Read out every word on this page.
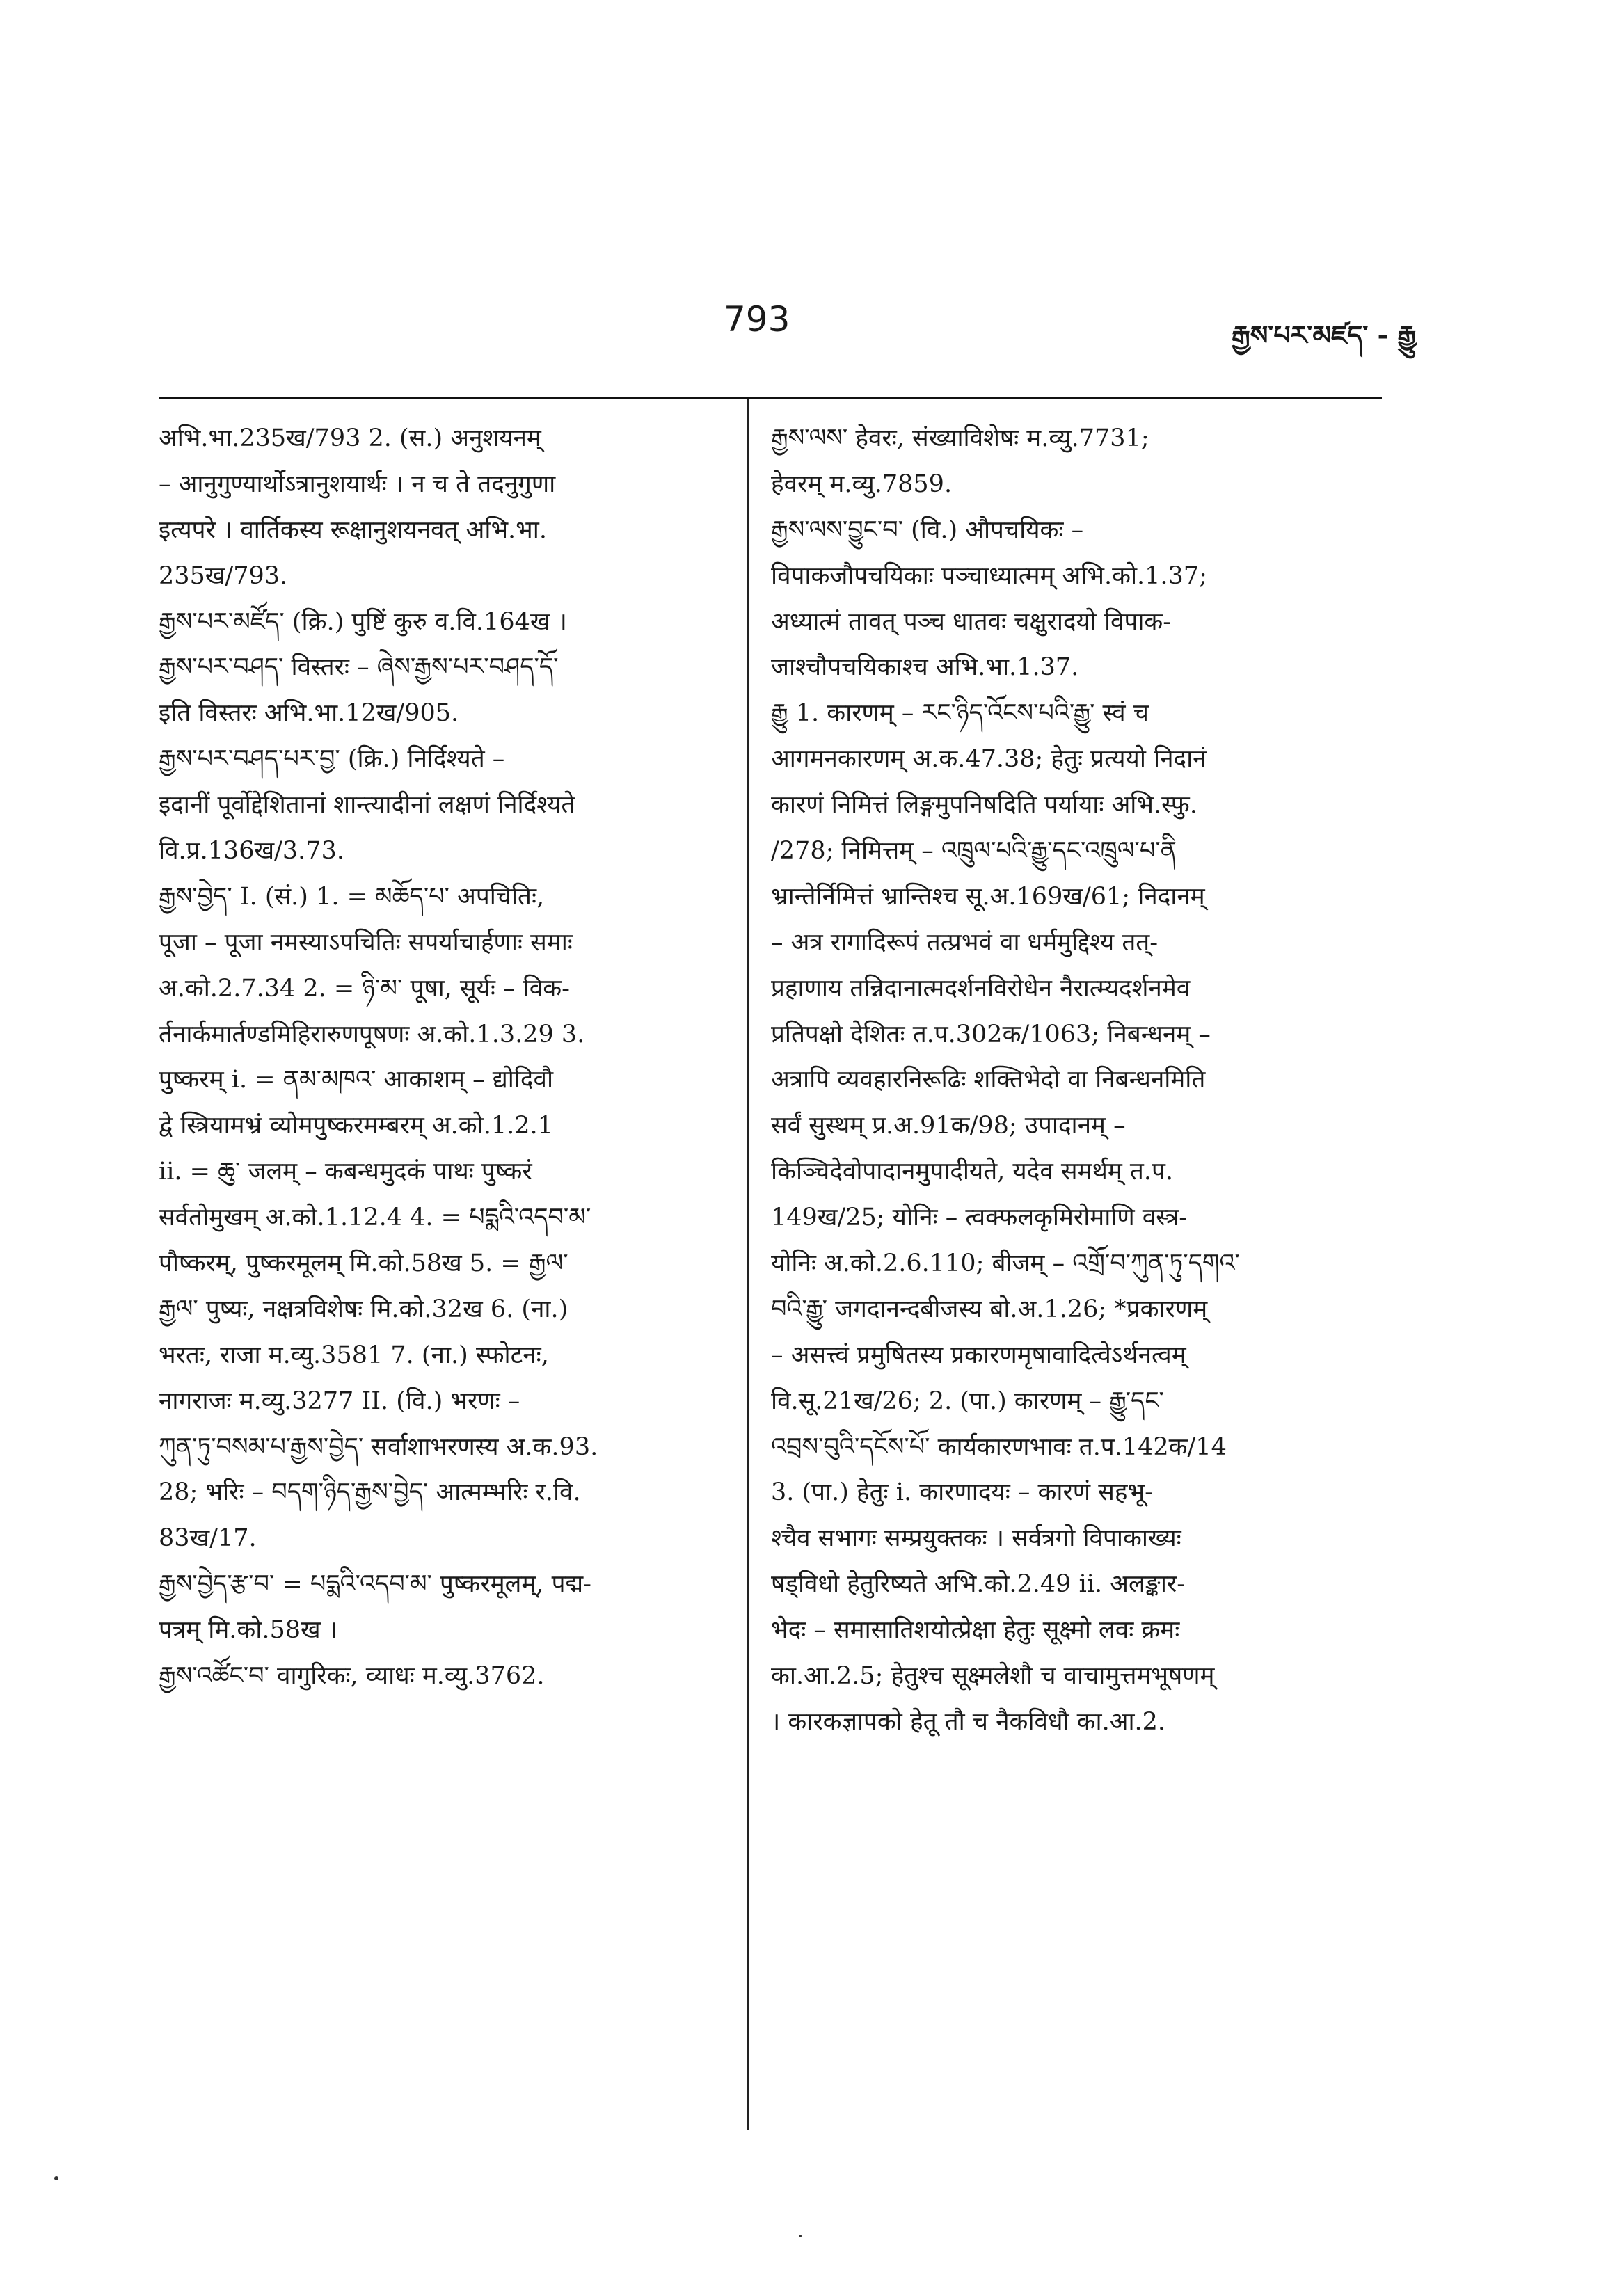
793	རྒྱས་པར་མཛད་ - རྒྱུ
अभि.भा.235ख/793 2. (स.) अनुशयनम्
– आनुगुण्यार्थोऽत्रानुशयार्थः । न च ते तदनुगुणा
इत्यपरे । वार्तिकस्य रूक्षानुशयनवत् अभि.भा.
235ख/793.
རྒྱས་པར་མཛོད་ (क्रि.) पुष्टिं कुरु व.वि.164ख ।
རྒྱས་པར་བཤད་ विस्तरः – ཞེས་རྒྱས་པར་བཤད་དོ་
इति विस्तरः अभि.भा.12ख/905.
རྒྱས་པར་བཤད་པར་བྱ་ (क्रि.) निर्दिश्यते –
इदानीं पूर्वोद्देशितानां शान्त्यादीनां लक्षणं निर्दिश्यते
वि.प्र.136ख/3.73.
རྒྱས་བྱེད་ I. (सं.) 1. = མཆོད་པ་ अपचितिः,
पूजा – पूजा नमस्याऽपचितिः सपर्याचार्हणाः समाः
अ.को.2.7.34 2. = ཉི་མ་ पूषा, सूर्यः – विक-
र्तनार्कमार्तण्डमिहिरारुणपूषणः अ.को.1.3.29 3.
पुष्करम् i. = ནམ་མཁའ་ आकाशम् – द्योदिवौ
द्वे स्त्रियामभ्रं व्योमपुष्करमम्बरम् अ.को.1.2.1
ii. = ཆུ་ जलम् – कबन्धमुदकं पाथः पुष्करं
सर्वतोमुखम् अ.को.1.12.4 4. = པདྨའི་འདབ་མ་
पौष्करम्, पुष्करमूलम् मि.को.58ख 5. = རྒྱལ་
རྒྱལ་ पुष्यः, नक्षत्रविशेषः मि.को.32ख 6. (ना.)
भरतः, राजा म.व्यु.3581 7. (ना.) स्फोटनः,
नागराजः म.व्यु.3277 II. (वि.) भरणः –
ཀུན་ཏུ་བསམ་པ་རྒྱས་བྱེད་ सर्वाशाभरणस्य अ.क.93.
28; भरिः – བདག་ཉིད་རྒྱས་བྱེད་ आत्मम्भरिः र.वि.
83ख/17.
རྒྱས་བྱེད་རྩ་བ་ = པདྨའི་འདབ་མ་ पुष्करमूलम्, पद्म-
पत्रम् मि.को.58ख ।
རྒྱས་འཚོང་བ་ वागुरिकः, व्याधः म.व्यु.3762.
རྒྱས་ལས་ हेवरः, संख्याविशेषः म.व्यु.7731;
हेवरम् म.व्यु.7859.
རྒྱས་ལས་བྱུང་བ་ (वि.) औपचयिकः –
विपाकजौपचयिकाः पञ्चाध्यात्मम् अभि.को.1.37;
अध्यात्मं तावत् पञ्च धातवः चक्षुरादयो विपाक-
जाश्चौपचयिकाश्च अभि.भा.1.37.
རྒྱུ 1. कारणम् – རང་ཉིད་འོངས་པའི་རྒྱུ་ स्वं च
आगमनकारणम् अ.क.47.38; हेतुः प्रत्ययो निदानं
कारणं निमित्तं लिङ्गमुपनिषदिति पर्यायाः अभि.स्फु.
/278; निमित्तम् – འཁྲུལ་པའི་རྒྱུ་དང་འཁྲུལ་པ་ནི
भ्रान्तेर्निमित्तं भ्रान्तिश्च सू.अ.169ख/61; निदानम्
– अत्र रागादिरूपं तत्प्रभवं वा धर्ममुद्दिश्य तत्-
प्रहाणाय तन्निदानात्मदर्शनविरोधेन नैरात्म्यदर्शनमेव
प्रतिपक्षो देशितः त.प.302क/1063; निबन्धनम् –
अत्रापि व्यवहारनिरूढिः शक्तिभेदो वा निबन्धनमिति
सर्वं सुस्थम् प्र.अ.91क/98; उपादानम् –
किञ्चिदेवोपादानमुपादीयते, यदेव समर्थम् त.प.
149ख/25; योनिः – त्वक्फलकृमिरोमाणि वस्त्र-
योनिः अ.को.2.6.110; बीजम् – འགྲོ་བ་ཀུན་ཏུ་དགའ་
བའི་རྒྱུ་ जगदानन्दबीजस्य बो.अ.1.26; *प्रकारणम्
– असत्त्वं प्रमुषितस्य प्रकारणमृषावादित्वेऽर्थनत्वम्
वि.सू.21ख/26; 2. (पा.) कारणम् – རྒྱུ་དང་
འབྲས་བུའི་དངོས་པོ་ कार्यकारणभावः त.प.142क/14
3. (पा.) हेतुः i. कारणादयः – कारणं सहभू-
श्चैव सभागः सम्प्रयुक्तकः । सर्वत्रगो विपाकाख्यः
षड्विधो हेतुरिष्यते अभि.को.2.49 ii. अलङ्कार-
भेदः – समासातिशयोत्प्रेक्षा हेतुः सूक्ष्मो लवः क्रमः
का.आ.2.5; हेतुश्च सूक्ष्मलेशौ च वाचामुत्तमभूषणम्
। कारकज्ञापको हेतू तौ च नैकविधौ का.आ.2.
